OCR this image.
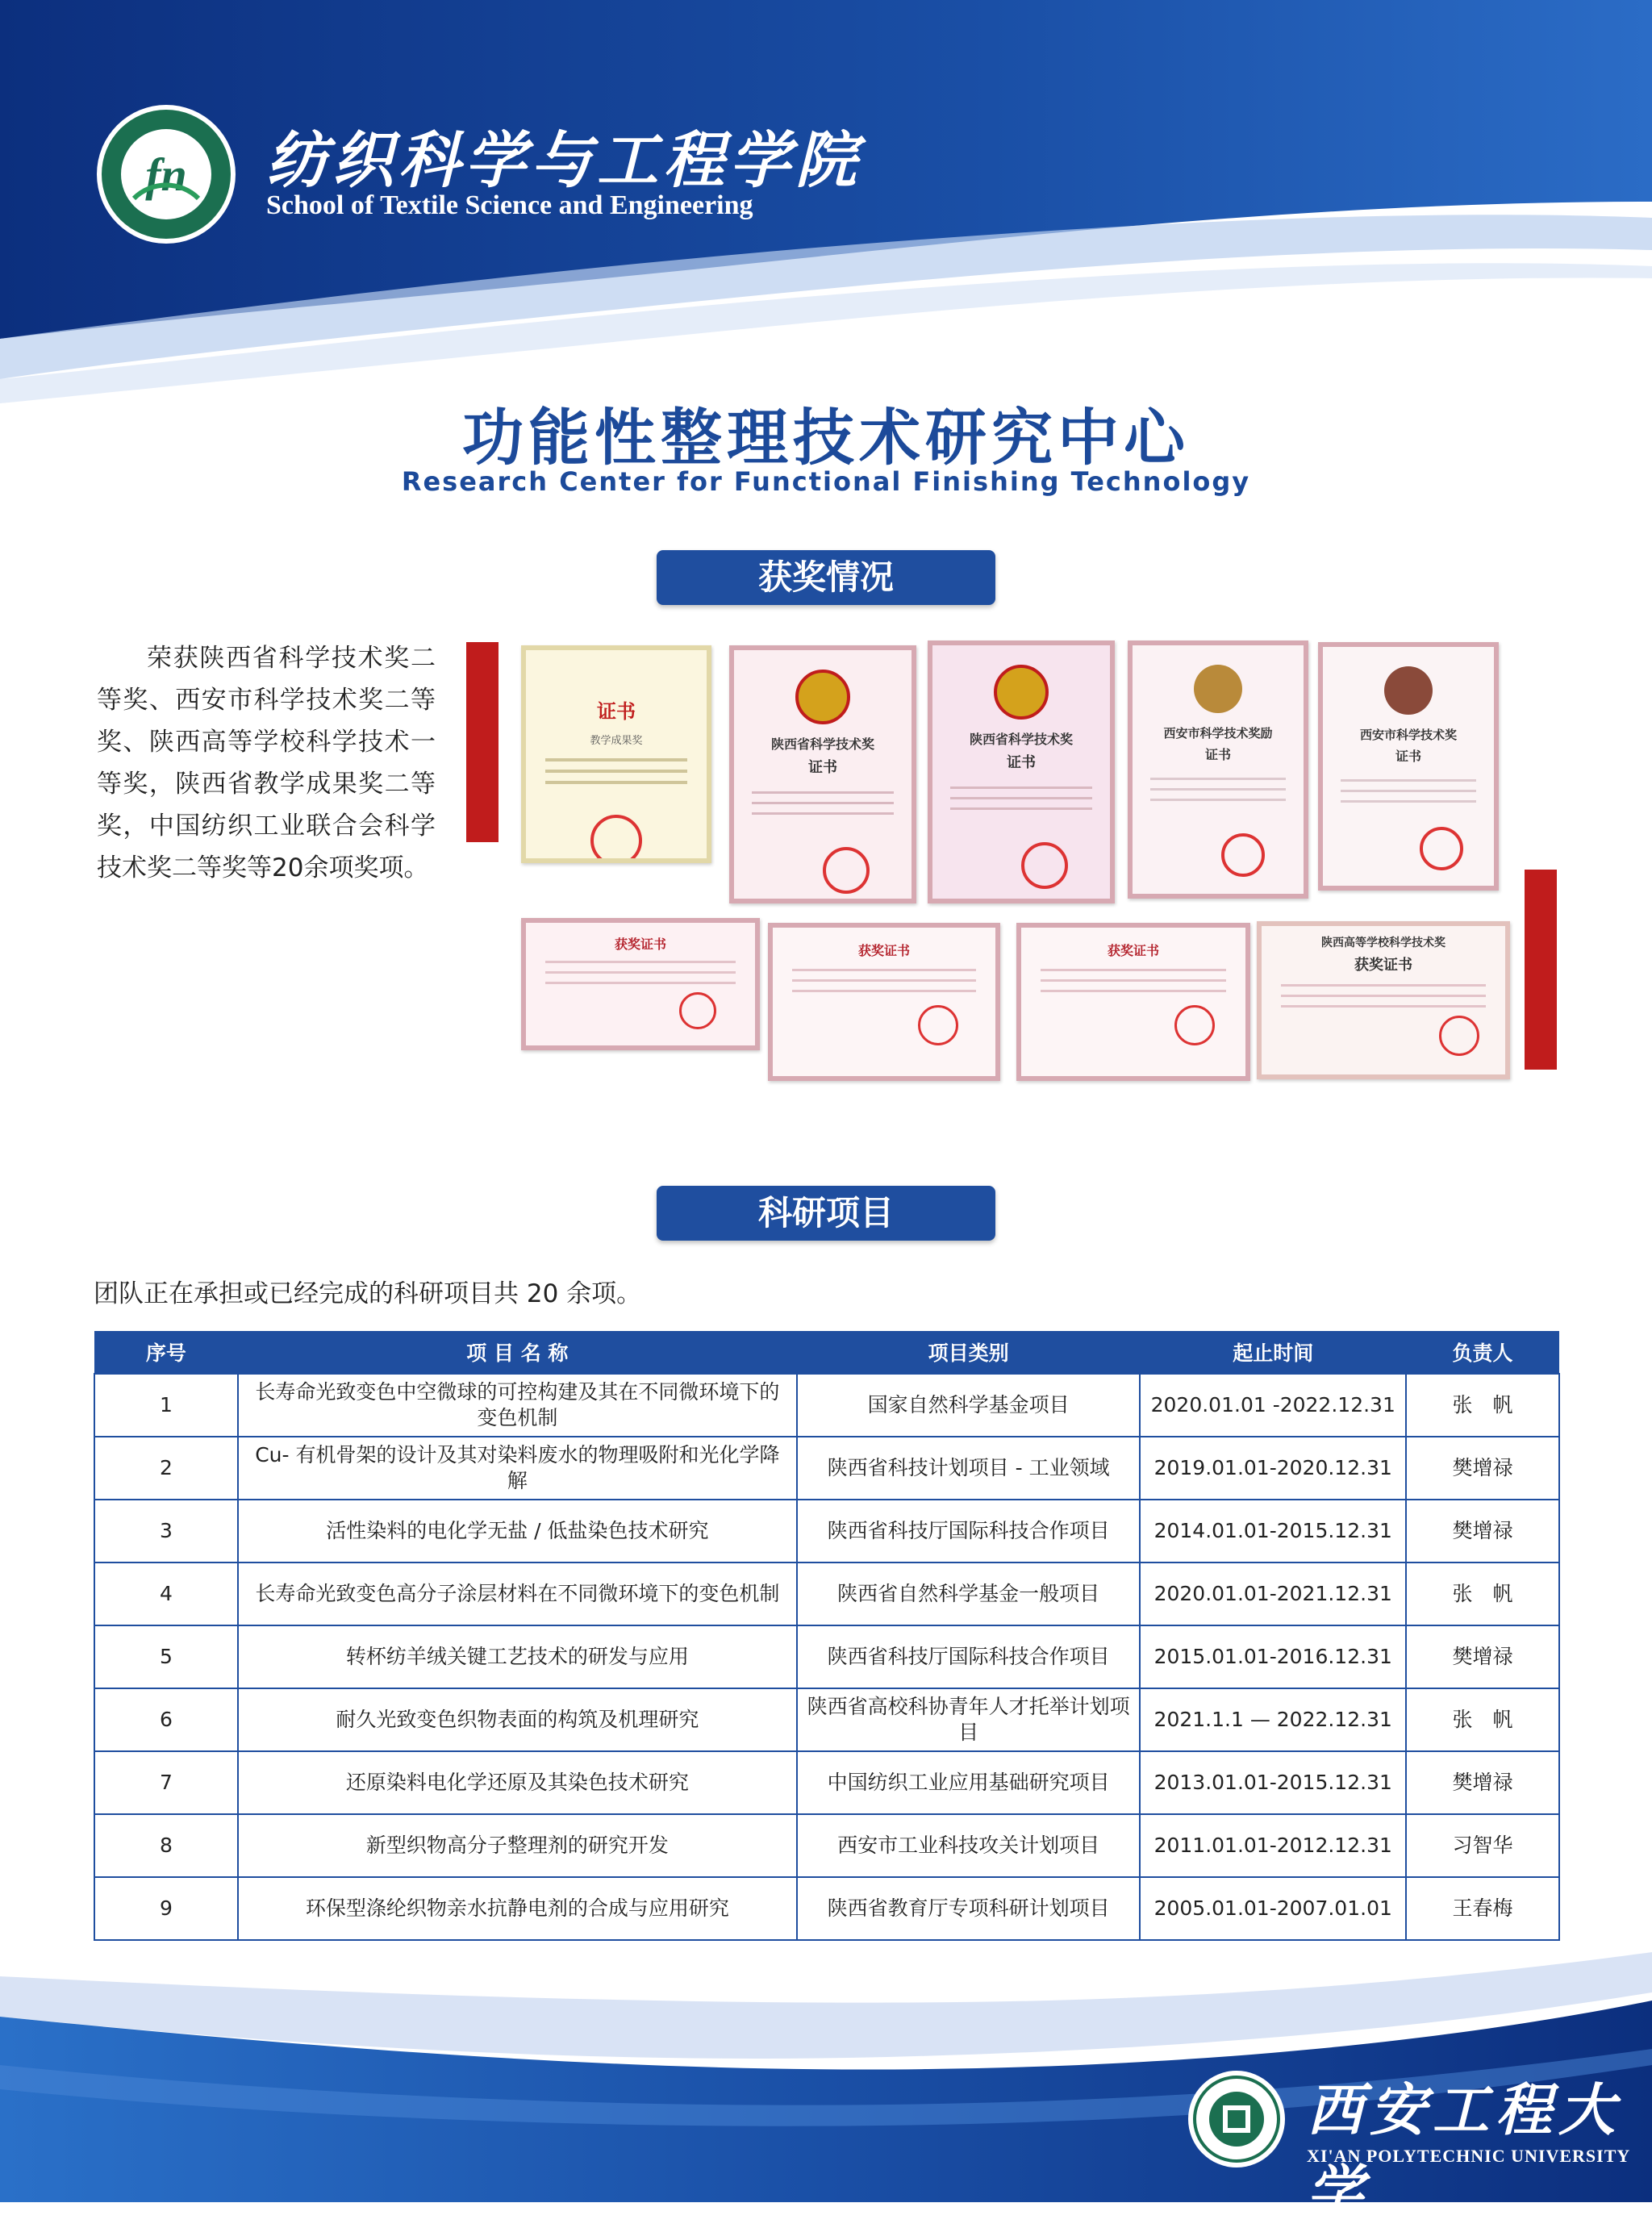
fn 纺织科学与工程学院
School of Textile Science and Engineering
功能性整理技术研究中心
Research Center for Functional Finishing Technology
获奖情况
荣获陕西省科学技术奖二等奖、西安市科学技术奖二等奖、陕西高等学校科学技术一等奖，陕西省教学成果奖二等奖，中国纺织工业联合会科学技术奖二等奖等20余项奖项。
证书
教学成果奖	陕西省科学技术奖
证书
陕西省科学技术奖
证书
西安市科学技术奖励
证书
西安市科学技术奖
证书
获奖证书	获奖证书	获奖证书	陕西高等学校科学技术奖
获奖证书
科研项目
团队正在承担或已经完成的科研项目共 20 余项。
序号	项 目 名 称	项目类别	起止时间	负责人
1	长寿命光致变色中空微球的可控构建及其在不同微环境下的变色机制	国家自然科学基金项目	2020.01.01 -2022.12.31	张　帆
2	Cu- 有机骨架的设计及其对染料废水的物理吸附和光化学降解	陕西省科技计划项目 - 工业领域	2019.01.01-2020.12.31	樊增禄
3	活性染料的电化学无盐 / 低盐染色技术研究	陕西省科技厅国际科技合作项目	2014.01.01-2015.12.31	樊增禄
4	长寿命光致变色高分子涂层材料在不同微环境下的变色机制	陕西省自然科学基金一般项目	2020.01.01-2021.12.31	张　帆
5	转杯纺羊绒关键工艺技术的研发与应用	陕西省科技厅国际科技合作项目	2015.01.01-2016.12.31	樊增禄
6	耐久光致变色织物表面的构筑及机理研究	陕西省高校科协青年人才托举计划项目	2021.1.1 — 2022.12.31	张　帆
7	还原染料电化学还原及其染色技术研究	中国纺织工业应用基础研究项目	2013.01.01-2015.12.31	樊增禄
8	新型织物高分子整理剂的研究开发	西安市工业科技攻关计划项目	2011.01.01-2012.12.31	习智华
9	环保型涤纶织物亲水抗静电剂的合成与应用研究	陕西省教育厅专项科研计划项目	2005.01.01-2007.01.01	王春梅
西安工程大学
XI'AN POLYTECHNIC UNIVERSITY
